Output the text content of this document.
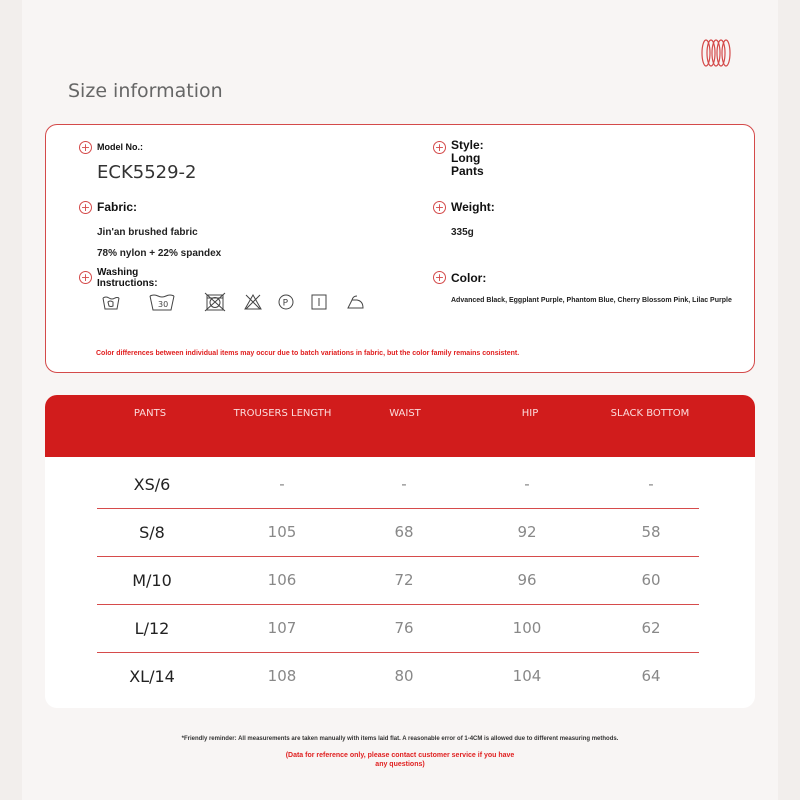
Size information
+ Model No.:
ECK5529-2
+ Fabric:
Jin'an brushed fabric
78% nylon + 22% spandex
+ Washing
Instructions:
30	P
+ Style:
Long
Pants
+ Weight:
335g
+ Color:
Advanced Black, Eggplant Purple, Phantom Blue, Cherry Blossom Pink, Lilac Purple
Color differences between individual items may occur due to batch variations in fabric, but the color family remains consistent.
PANTS	TROUSERS LENGTH	WAIST	HIP	SLACK BOTTOM
XS/6	-	-	-	-
S/8	105	68	92	58
M/10	106	72	96	60
L/12	107	76	100	62
XL/14	108	80	104	64
*Friendly reminder: All measurements are taken manually with items laid flat. A reasonable error of 1-4CM is allowed due to different measuring methods.
(Data for reference only, please contact customer service if you have
any questions)
